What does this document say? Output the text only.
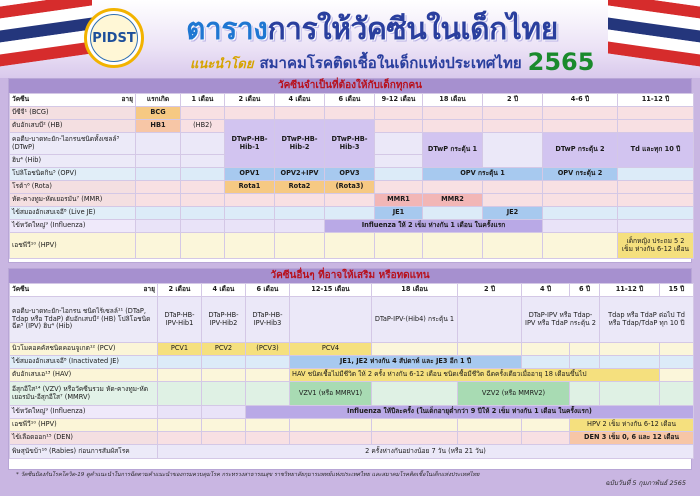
PIDST ตารางการให้วัคซีนในเด็กไทย
แนะนำโดย สมาคมโรคติดเชื้อในเด็กแห่งประเทศไทย 2565
วัคซีนจำเป็นที่ต้องให้กับเด็กทุกคน
วัคซีน อายุ	แรกเกิด	1 เดือน	2 เดือน	4 เดือน	6 เดือน	9-12 เดือน	18 เดือน	2 ปี	4-6 ปี	11-12 ปี
บีซีจี¹ (BCG)	BCG									
ตับอักเสบบี² (HB)	HB1	(HB2)	DTwP-HB-Hib-1	DTwP-HB-Hib-2	DTwP-HB-Hib-3					
คอตีบ-บาดทะยัก-ไอกรนชนิดทั้งเซลล์³ (DTwP)							DTwP กระตุ้น 1		DTwP กระตุ้น 2	Td และทุก 10 ปี
ฮิบ⁴ (Hib)										
โปลิโอชนิดกิน⁵ (OPV)			OPV1	OPV2+IPV	OPV3		OPV กระตุ้น 1		OPV กระตุ้น 2	
โรต้า⁶ (Rota)			Rota1	Rota2	(Rota3)					
หัด-คางทูม-หัดเยอรมัน⁷ (MMR)						MMR1	MMR2			
ไข้สมองอักเสบเจอี⁸ (Live JE)						JE1		JE2		
ไข้หวัดใหญ่⁹ (Influenza)					Influenza ให้ 2 เข็ม ห่างกัน 1 เดือน ในครั้งแรก					
เอชพีวี¹⁰ (HPV)										เด็กหญิง ประถม 5 2 เข็ม ห่างกัน 6-12 เดือน
วัคซีนอื่นๆ ที่อาจให้เสริม หรือทดแทน
วัคซีน อายุ	2 เดือน	4 เดือน	6 เดือน	12-15 เดือน	18 เดือน	2 ปี	4 ปี	6 ปี	11-12 ปี	15 ปี
คอตีบ-บาดทะยัก-ไอกรน ชนิดไร้เซลล์¹¹ (DTaP, Tdap หรือ TdaP) ตับอักเสบบี² (HB) โปลิโอชนิดฉีด⁵ (IPV) ฮิบ⁴ (Hib)	DTaP-HB-IPV-Hib1	DTaP-HB-IPV-Hib2	DTaP-HB-IPV-Hib3		DTaP-IPV-(Hib4) กระตุ้น 1		DTaP-IPV หรือ Tdap-IPV หรือ TdaP กระตุ้น 2		Tdap หรือ TdaP ต่อไป Td หรือ Tdap/TdaP ทุก 10 ปี	
นิวโมคอคคัสชนิดคอนจูเกต¹² (PCV)	PCV1	PCV2	(PCV3)	PCV4						
ไข้สมองอักเสบเจอี⁸ (Inactivated JE)				JE1, JE2 ห่างกัน 4 สัปดาห์ และ JE3 อีก 1 ปี						
ตับอักเสบเอ¹³ (HAV)				HAV ชนิดเชื้อไม่มีชีวิต ให้ 2 ครั้ง ห่างกัน 6-12 เดือน ชนิดเชื้อมีชีวิต ฉีดครั้งเดียวเมื่ออายุ 18 เดือนขึ้นไป						
อีสุกอีใส¹⁴ (VZV) หรือวัคซีนรวม หัด-คางทูม-หัดเยอรมัน-อีสุกอีใส⁷ (MMRV)				VZV1 (หรือ MMRV1)		VZV2 (หรือ MMRV2)				
ไข้หวัดใหญ่⁹ (Influenza)			Influenza ให้ปีละครั้ง (ในเด็กอายุต่ำกว่า 9 ปีให้ 2 เข็ม ห่างกัน 1 เดือน ในครั้งแรก)							
เอชพีวี¹⁰ (HPV)								HPV 2 เข็ม ห่างกัน 6-12 เดือน		
ไข้เลือดออก¹⁵ (DEN)								DEN 3 เข็ม 0, 6 และ 12 เดือน		
พิษสุนัขบ้า¹⁶ (Rabies) ก่อนการสัมผัสโรค	2 ครั้งห่างกันอย่างน้อย 7 วัน (หรือ 21 วัน)									
* วัคซีนป้องกันโรคโควิด-19 ดูคำแนะนำในการฉีดตามคำแนะนำของกรมควบคุมโรค กระทรวงสาธารณสุข ราชวิทยาลัยกุมารแพทย์แห่งประเทศไทย และสมาคมโรคติดเชื้อในเด็กแห่งประเทศไทย
ฉบับวันที่ 5 กุมภาพันธ์ 2565
